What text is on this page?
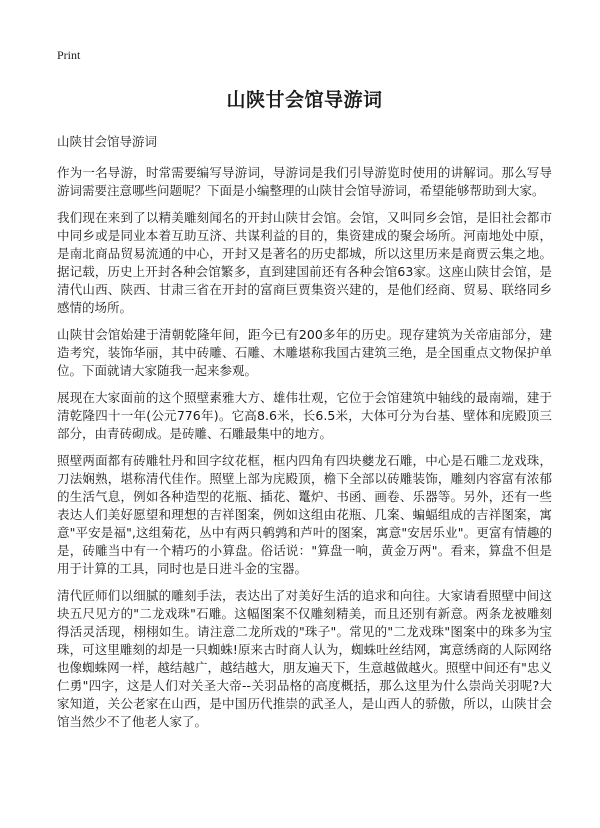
Print
山陕甘会馆导游词
山陕甘会馆导游词

作为一名导游，时常需要编写导游词，导游词是我们引导游览时使用的讲解词。那么写导游词需要注意哪些问题呢？下面是小编整理的山陕甘会馆导游词，希望能够帮助到大家。

我们现在来到了以精美雕刻闻名的开封山陕甘会馆。会馆，又叫同乡会馆，是旧社会都市中同乡或是同业本着互助互济、共谋利益的目的，集资建成的聚会场所。河南地处中原，是南北商品贸易流通的中心，开封又是著名的历史都城，所以这里历来是商贾云集之地。据记载，历史上开封各种会馆繁多，直到建国前还有各种会馆63家。这座山陕甘会馆，是清代山西、陕西、甘肃三省在开封的富商巨贾集资兴建的，是他们经商、贸易、联络同乡感情的场所。

山陕甘会馆始建于清朝乾隆年间，距今已有200多年的历史。现存建筑为关帝庙部分，建造考究，装饰华丽，其中砖雕、石雕、木雕堪称我国古建筑三绝，是全国重点文物保护单位。下面就请大家随我一起来参观。

展现在大家面前的这个照壁素雅大方、雄伟壮观，它位于会馆建筑中轴线的最南端，建于清乾隆四十一年(公元776年)。它高8.6米，长6.5米，大体可分为台基、壁体和庑殿顶三部分，由青砖砌成。是砖雕、石雕最集中的地方。

照壁两面都有砖雕牡丹和回字纹花框，框内四角有四块夔龙石雕，中心是石雕二龙戏珠，刀法娴熟，堪称清代佳作。照壁上部为庑殿顶，檐下全部以砖雕装饰，雕刻内容富有浓郁的生活气息，例如各种造型的花瓶、插花、鼍炉、书函、画卷、乐器等。另外，还有一些表达人们美好愿望和理想的吉祥图案，例如这组由花瓶、几案、蝙蝠组成的吉祥图案，寓意"平安是福",这组菊花，丛中有两只鹌鹑和芦叶的图案，寓意"安居乐业"。更富有情趣的是，砖雕当中有一个精巧的小算盘。俗话说："算盘一响，黄金万两"。看来，算盘不但是用于计算的工具，同时也是日进斗金的宝器。

清代匠师们以细腻的雕刻手法，表达出了对美好生活的追求和向往。大家请看照壁中间这块五尺见方的"二龙戏珠"石雕。这幅图案不仅雕刻精美，而且还别有新意。两条龙被雕刻得活灵活现，栩栩如生。请注意二龙所戏的"珠子"。常见的"二龙戏珠"图案中的珠多为宝珠，可这里雕刻的却是一只蜘蛛!原来古时商人认为，蜘蛛吐丝结网，寓意绣商的人际网络也像蜘蛛网一样，越结越广，越结越大，朋友遍天下，生意越做越火。照壁中间还有"忠义仁勇"四字，这是人们对关圣大帝--关羽品格的高度概括，那么这里为什么崇尚关羽呢?大家知道，关公老家在山西，是中国历代推崇的武圣人，是山西人的骄傲，所以，山陕甘会馆当然少不了他老人家了。
